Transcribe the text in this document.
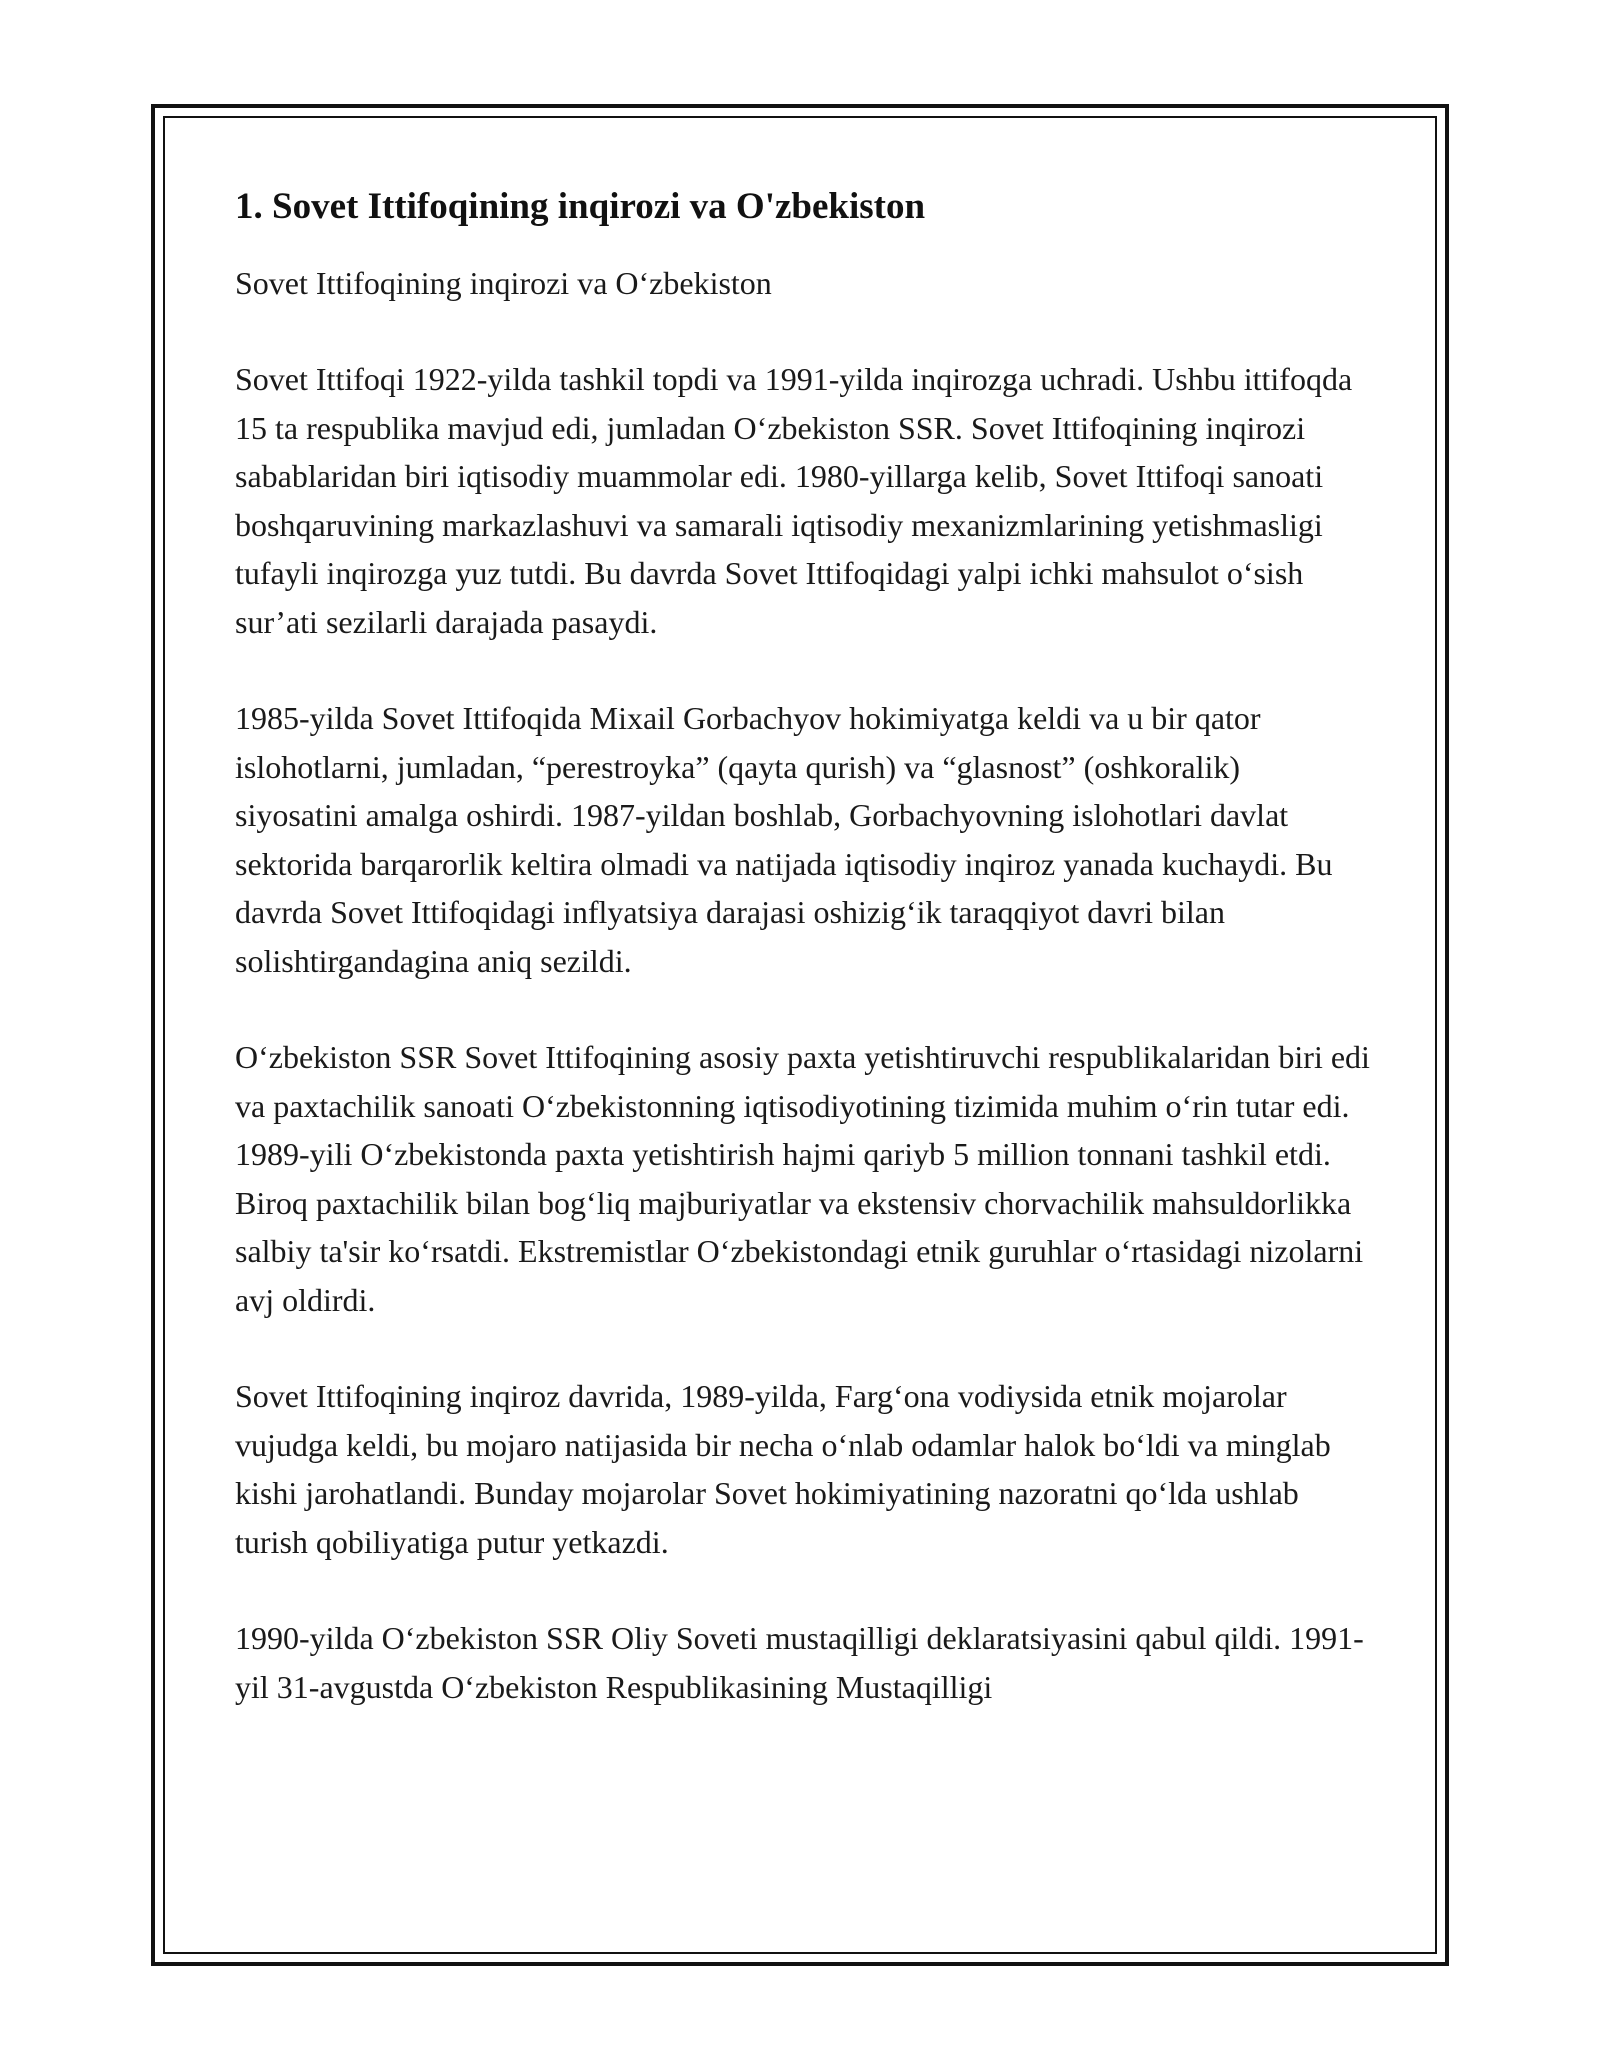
1. Sovet Ittifoqining inqirozi va O'zbekiston

Sovet Ittifoqining inqirozi va O‘zbekiston

Sovet Ittifoqi 1922-yilda tashkil topdi va 1991-yilda inqirozga uchradi. Ushbu ittifoqda 15 ta respublika mavjud edi, jumladan O‘zbekiston SSR. Sovet Ittifoqining inqirozi sabablaridan biri iqtisodiy muammolar edi. 1980-yillarga kelib, Sovet Ittifoqi sanoati boshqaruvining markazlashuvi va samarali iqtisodiy mexanizmlarining yetishmasligi tufayli inqirozga yuz tutdi. Bu davrda Sovet Ittifoqidagi yalpi ichki mahsulot o‘sish sur’ati sezilarli darajada pasaydi.

1985-yilda Sovet Ittifoqida Mixail Gorbachyov hokimiyatga keldi va u bir qator islohotlarni, jumladan, “perestroyka” (qayta qurish) va “glasnost” (oshkoralik) siyosatini amalga oshirdi. 1987-yildan boshlab, Gorbachyovning islohotlari davlat sektorida barqarorlik keltira olmadi va natijada iqtisodiy inqiroz yanada kuchaydi. Bu davrda Sovet Ittifoqidagi inflyatsiya darajasi oshizig‘ik taraqqiyot davri bilan solishtirgandagina aniq sezildi.

O‘zbekiston SSR Sovet Ittifoqining asosiy paxta yetishtiruvchi respublikalaridan biri edi va paxtachilik sanoati O‘zbekistonning iqtisodiyotining tizimida muhim o‘rin tutar edi. 1989-yili O‘zbekistonda paxta yetishtirish hajmi qariyb 5 million tonnani tashkil etdi. Biroq paxtachilik bilan bog‘liq majburiyatlar va ekstensiv chorvachilik mahsuldorlikka salbiy ta'sir ko‘rsatdi. Ekstremistlar O‘zbekistondagi etnik guruhlar o‘rtasidagi nizolarni avj oldirdi.

Sovet Ittifoqining inqiroz davrida, 1989-yilda, Farg‘ona vodiysida etnik mojarolar vujudga keldi, bu mojaro natijasida bir necha o‘nlab odamlar halok bo‘ldi va minglab kishi jarohatlandi. Bunday mojarolar Sovet hokimiyatining nazoratni qo‘lda ushlab turish qobiliyatiga putur yetkazdi.

1990-yilda O‘zbekiston SSR Oliy Soveti mustaqilligi deklaratsiyasini qabul qildi. 1991-yil 31-avgustda O‘zbekiston Respublikasining Mustaqilligi
